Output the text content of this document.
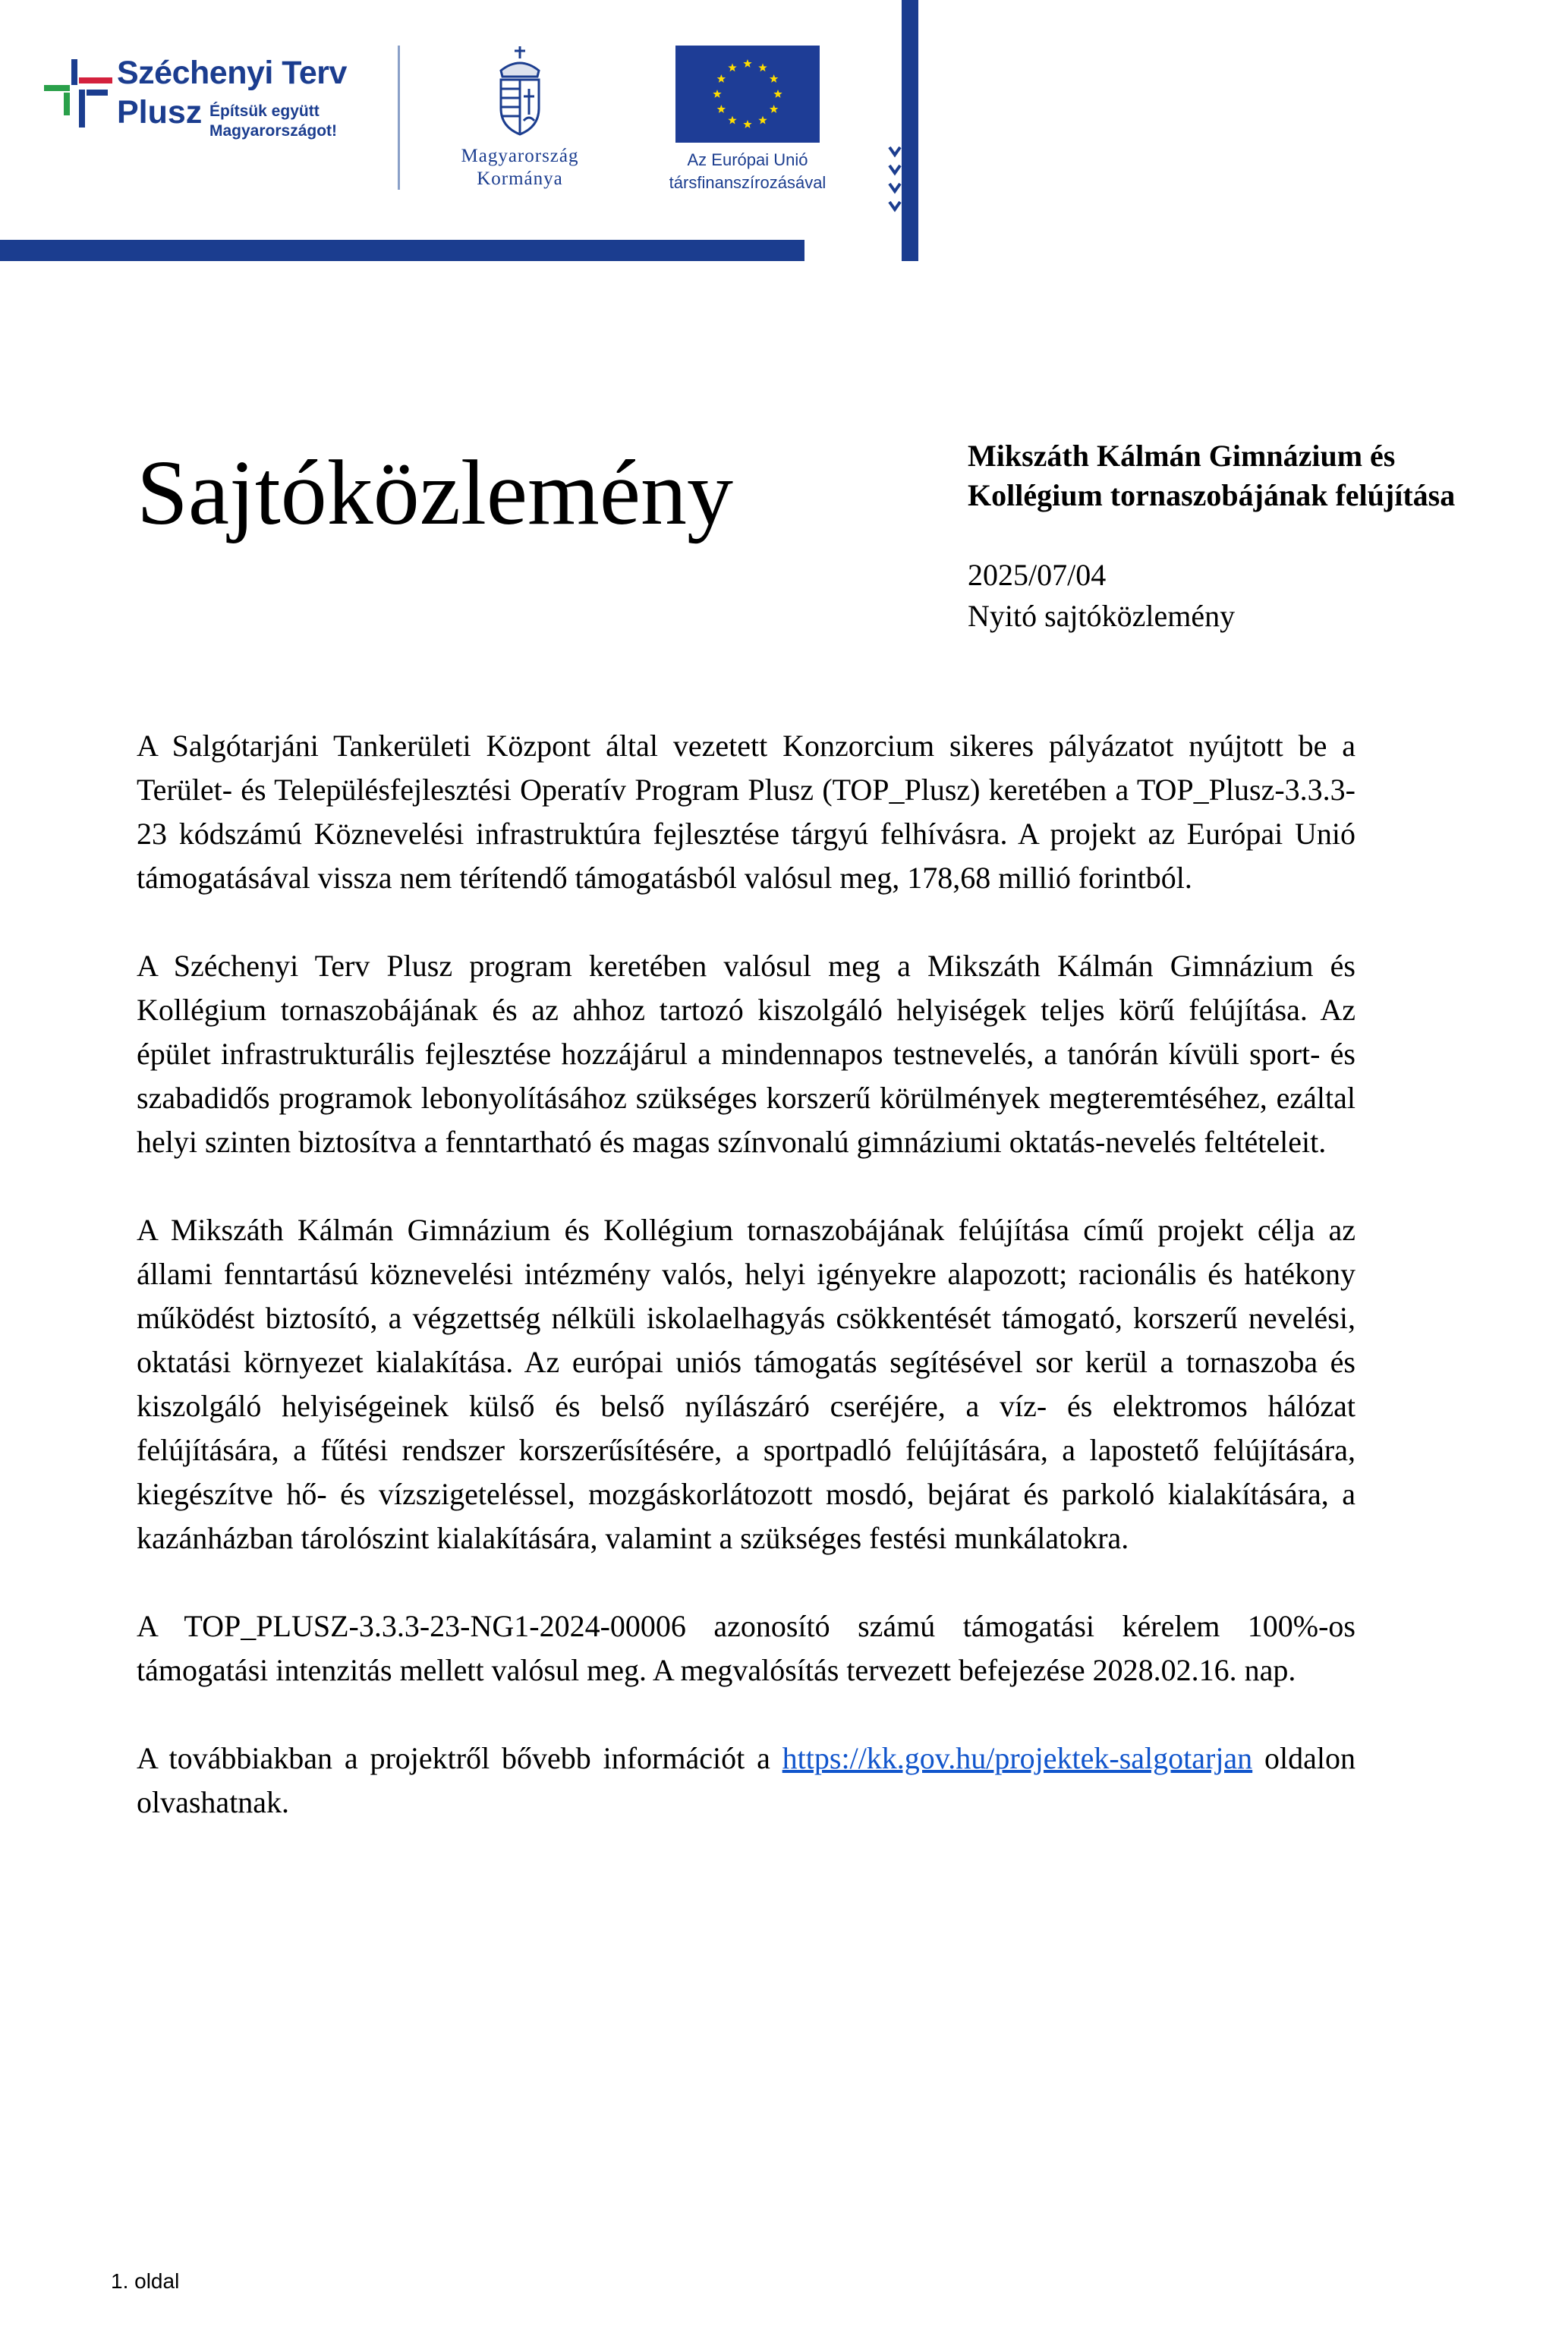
Széchenyi Terv
Plusz Építsük együtt
Magyarországot!
Magyarország
Kormánya
Az Európai Unió
társfinanszírozásával
Sajtóközlemény	Mikszáth Kálmán Gimnázium és
Kollégium tornaszobájának felújítása

2025/07/04

Nyitó sajtóközlemény

A Salgótarjáni Tankerületi Központ által vezetett Konzorcium sikeres pályázatot nyújtott be a Terület- és Településfejlesztési Operatív Program Plusz (TOP_Plusz) keretében a TOP_Plusz-3.3.3-23 kódszámú Köznevelési infrastruktúra fejlesztése tárgyú felhívásra. A projekt az Európai Unió támogatásával vissza nem térítendő támogatásból valósul meg, 178,68 millió forintból.

A Széchenyi Terv Plusz program keretében valósul meg a Mikszáth Kálmán Gimnázium és Kollégium tornaszobájának és az ahhoz tartozó kiszolgáló helyiségek teljes körű felújítása. Az épület infrastrukturális fejlesztése hozzájárul a mindennapos testnevelés, a tanórán kívüli sport- és szabadidős programok lebonyolításához szükséges korszerű körülmények megteremtéséhez, ezáltal helyi szinten biztosítva a fenntartható és magas színvonalú gimnáziumi oktatás-nevelés feltételeit.

A Mikszáth Kálmán Gimnázium és Kollégium tornaszobájának felújítása című projekt célja az állami fenntartású köznevelési intézmény valós, helyi igényekre alapozott; racionális és hatékony működést biztosító, a végzettség nélküli iskolaelhagyás csökkentését támogató, korszerű nevelési, oktatási környezet kialakítása. Az európai uniós támogatás segítésével sor kerül a tornaszoba és kiszolgáló helyiségeinek külső és belső nyílászáró cseréjére, a víz- és elektromos hálózat felújítására, a fűtési rendszer korszerűsítésére, a sportpadló felújítására, a lapostető felújítására, kiegészítve hő- és vízszigeteléssel, mozgáskorlátozott mosdó, bejárat és parkoló kialakítására, a kazánházban tárolószint kialakítására, valamint a szükséges festési munkálatokra.

A TOP_PLUSZ-3.3.3-23-NG1-2024-00006 azonosító számú támogatási kérelem 100%-os támogatási intenzitás mellett valósul meg. A megvalósítás tervezett befejezése 2028.02.16. nap.

A továbbiakban a projektről bővebb információt a https://kk.gov.hu/projektek-salgotarjan oldalon olvashatnak.

1. oldal
